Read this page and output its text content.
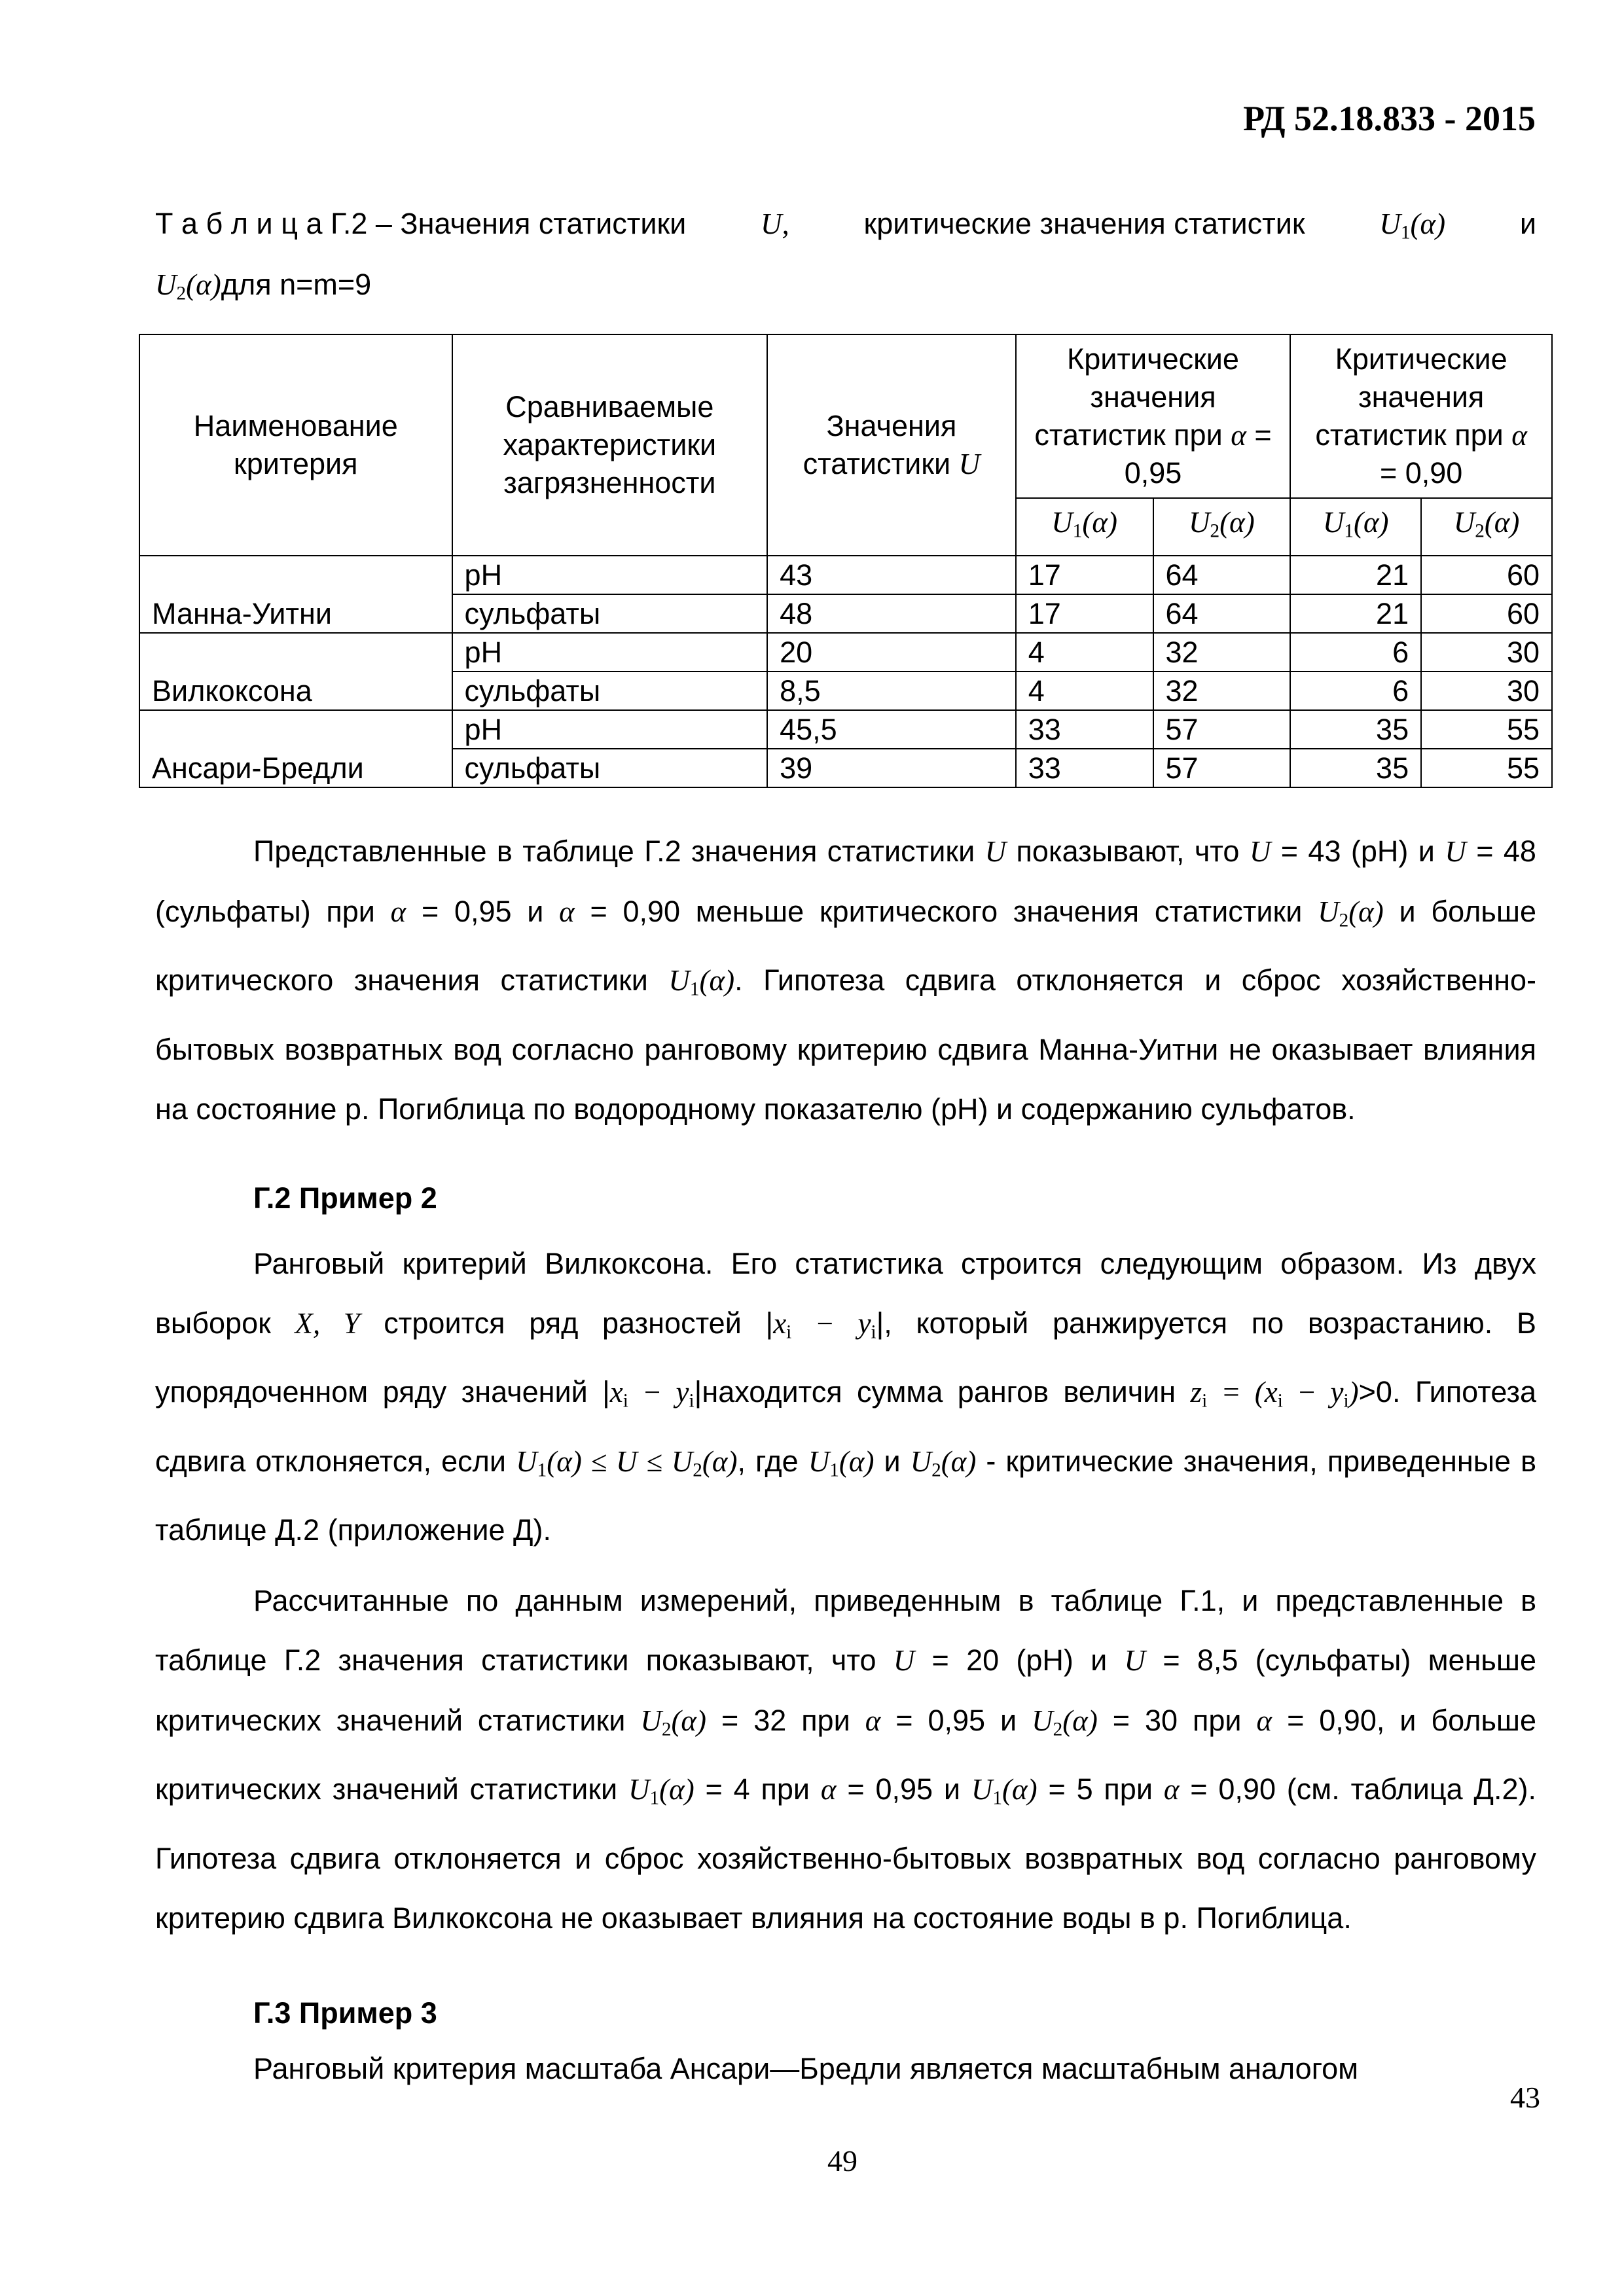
РД 52.18.833 - 2015
Т а б л и ц а Г.2 – Значения статистики	U,	критические значения статистик	$U_1(\alpha)$	и
$U_2(\alpha)для$ n=m=9
Наименование критерия	Сравниваемые характеристики загрязненности	Значения статистики U	Критические значения статистик при α = 0,95		Критические значения статистик при α = 0,90	
			$U_1(\alpha)$	$U_2(\alpha)$	$U_1(\alpha)$	$U_2(\alpha)$
Манна-Уитни	pH	43	17	64	21	60
	сульфаты	48	17	64	21	60
Вилкоксона	pH	20	4	32	6	30
	сульфаты	8,5	4	32	6	30
Ансари-Бредли	pH	45,5	33	57	35	55
	сульфаты	39	33	57	35	55
Представленные в таблице Г.2 значения статистики U показывают, что U = 43 (pH) и U = 48 (сульфаты) при α = 0,95 и α = 0,90 меньше критического значения статистики $U_2(\alpha)$ и больше критического значения статистики $U_1(\alpha)$. Гипотеза сдвига отклоняется и сброс хозяйственно-бытовых возвратных вод согласно ранговому критерию сдвига Манна-Уитни не оказывает влияния на состояние р. Погиблица по водородному показателю (pH) и содержанию сульфатов.
Г.2 Пример 2
Ранговый критерий Вилкоксона. Его статистика строится следующим образом. Из двух выборок X, Y строится ряд разностей $|x_i - y_i|$, который ранжируется по возрастанию. В упорядоченном ряду значений $|x_i$ − $y_i|находится$ сумма рангов величин $z_i = (x_i - y_i)>0$. Гипотеза сдвига отклоняется, если $U_1(\alpha) \le U \le U_2(\alpha)$, где $U_1(\alpha)$ и $U_2(\alpha)$ - критические значения, приведенные в таблице Д.2 (приложение Д).
Рассчитанные по данным измерений, приведенным в таблице Г.1, и представленные в таблице Г.2 значения статистики показывают, что U = 20 (pH) и U = 8,5 (сульфаты) меньше критических значений статистики $U_2(\alpha) = 32$ при α = 0,95 и $U_2(\alpha) = 30$ при α = 0,90, и больше критических значений статистики $U_1(\alpha) = 4$ при α = 0,95 и $U_1(\alpha) = 5$ при α = 0,90 (см. таблица Д.2). Гипотеза сдвига отклоняется и сброс хозяйственно-бытовых возвратных вод согласно ранговому критерию сдвига Вилкоксона не оказывает влияния на состояние воды в р. Погиблица.
Г.3 Пример 3
Ранговый критерия масштаба Ансари—Бредли является масштабным аналогом
43
49
